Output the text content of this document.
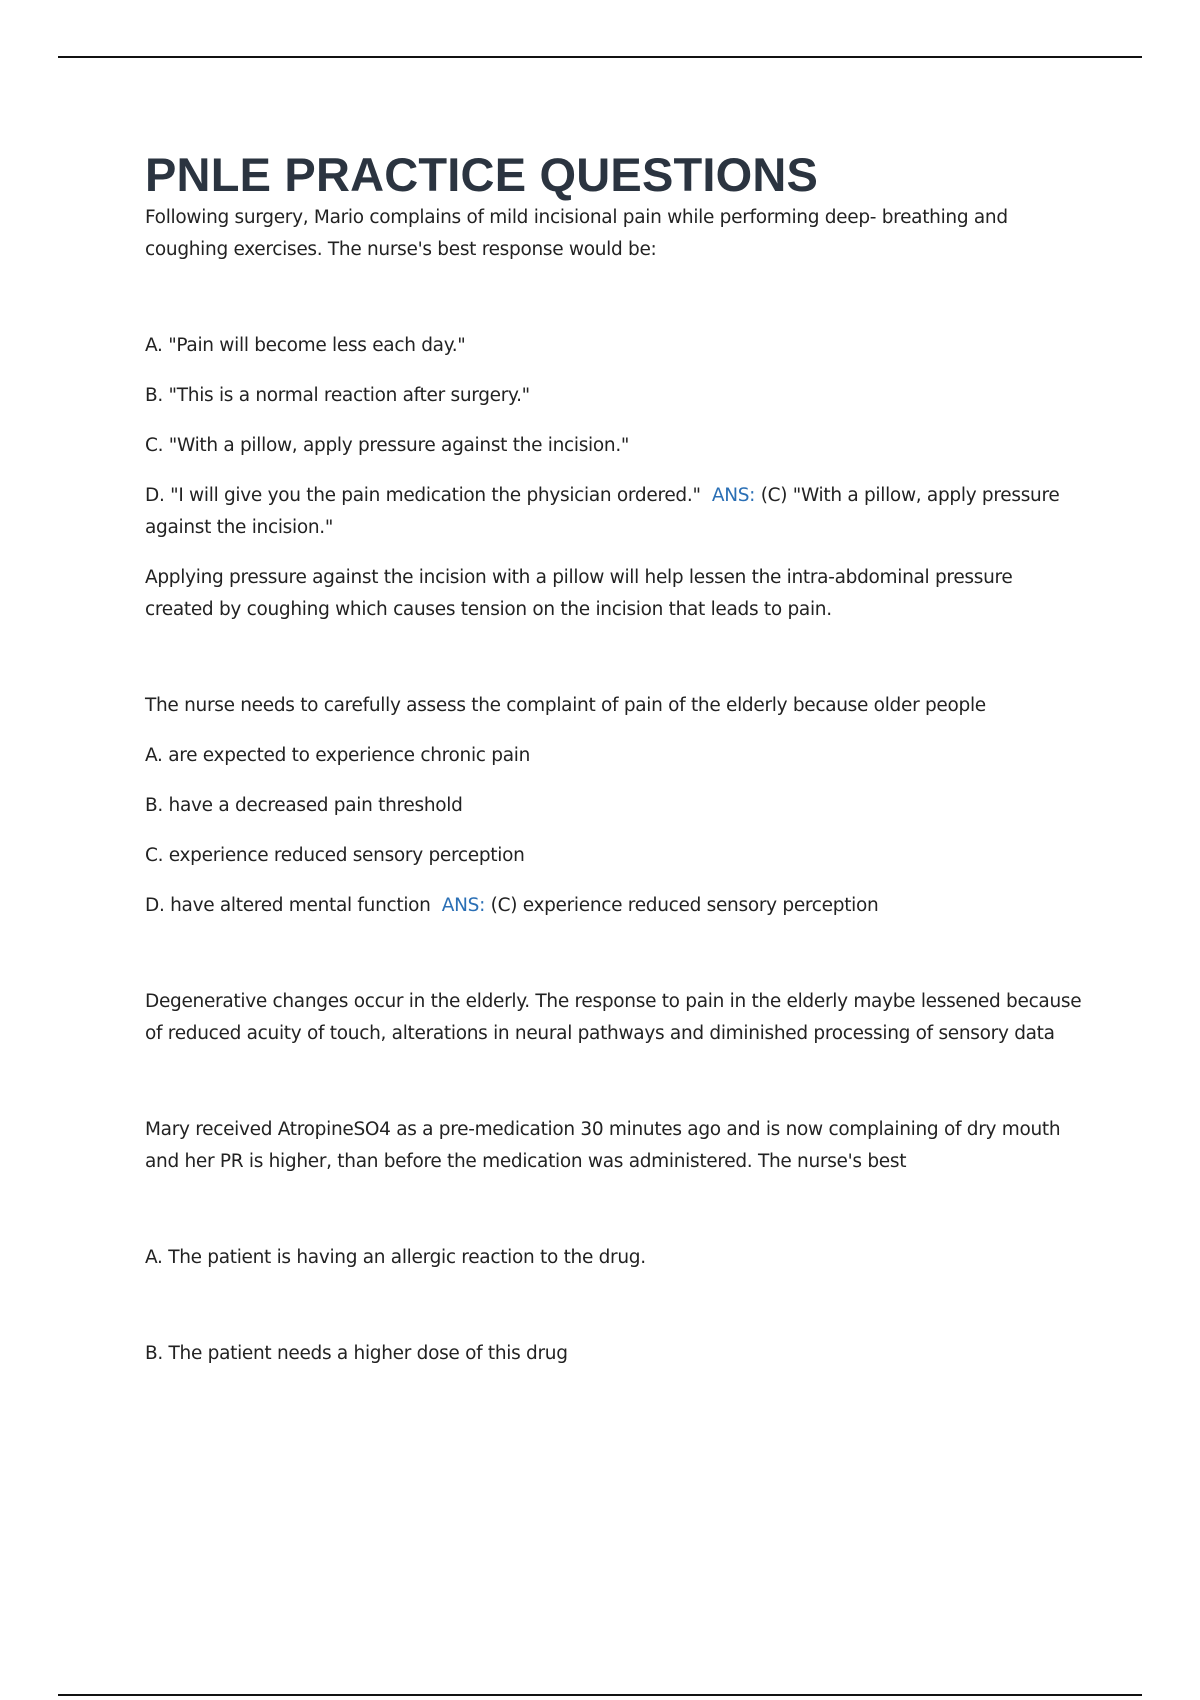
PNLE PRACTICE QUESTIONS

Following surgery, Mario complains of mild incisional pain while performing deep- breathing and coughing exercises. The nurse's best response would be:

A. "Pain will become less each day."

B. "This is a normal reaction after surgery."

C. "With a pillow, apply pressure against the incision."

D. "I will give you the pain medication the physician ordered." ANS: (C) "With a pillow, apply pressure against the incision."

Applying pressure against the incision with a pillow will help lessen the intra-abdominal pressure created by coughing which causes tension on the incision that leads to pain.

The nurse needs to carefully assess the complaint of pain of the elderly because older people

A. are expected to experience chronic pain

B. have a decreased pain threshold

C. experience reduced sensory perception

D. have altered mental function ANS: (C) experience reduced sensory perception

Degenerative changes occur in the elderly. The response to pain in the elderly maybe lessened because of reduced acuity of touch, alterations in neural pathways and diminished processing of sensory data

Mary received AtropineSO4 as a pre-medication 30 minutes ago and is now complaining of dry mouth and her PR is higher, than before the medication was administered. The nurse's best

A. The patient is having an allergic reaction to the drug.

B. The patient needs a higher dose of this drug
